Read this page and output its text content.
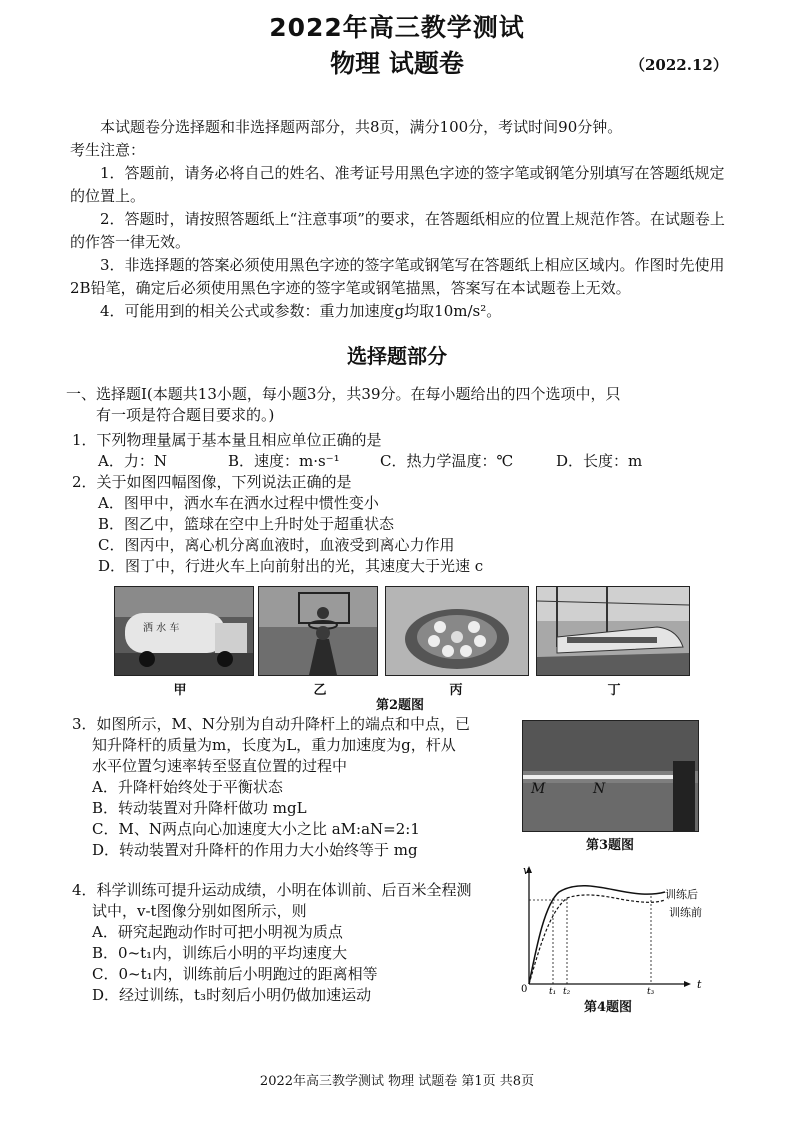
2022年高三教学测试
物理 试题卷	（2022.12）

本试题卷分选择题和非选择题两部分，共8页，满分100分，考试时间90分钟。

考生注意：

1．答题前，请务必将自己的姓名、准考证号用黑色字迹的签字笔或钢笔分别填写在答题纸规定的位置上。

2．答题时，请按照答题纸上“注意事项”的要求，在答题纸相应的位置上规范作答。在试题卷上的作答一律无效。

3．非选择题的答案必须使用黑色字迹的签字笔或钢笔写在答题纸上相应区域内。作图时先使用2B铅笔，确定后必须使用黑色字迹的签字笔或钢笔描黑，答案写在本试题卷上无效。

4．可能用到的相关公式或参数：重力加速度g均取10m/s²。

选择题部分
一、选择题Ⅰ(本题共13小题，每小题3分，共39分。在每小题给出的四个选项中，只
有一项是符合题目要求的。)
1．下列物理量属于基本量且相应单位正确的是
A．力：N	B．速度：m·s⁻¹	C．热力学温度：℃	D．长度：m
2．关于如图四幅图像，下列说法正确的是
A．图甲中，洒水车在洒水过程中惯性变小
B．图乙中，篮球在空中上升时处于超重状态
C．图丙中，离心机分离血液时，血液受到离心力作用
D．图丁中，行进火车上向前射出的光，其速度大于光速 c
洒 水 车
甲	乙	丙	丁
第2题图
3．如图所示，M、N分别为自动升降杆上的端点和中点，已
知升降杆的质量为m，长度为L，重力加速度为g，杆从
水平位置匀速率转至竖直位置的过程中
A．升降杆始终处于平衡状态
B．转动装置对升降杆做功 mgL
C．M、N两点向心加速度大小之比 aM:aN=2:1
D．转动装置对升降杆的作用力大小始终等于 mg
M	N
第3题图
4．科学训练可提升运动成绩，小明在体训前、后百米全程测
试中，v-t图像分别如图所示，则
A．研究起跑动作时可把小明视为质点
B．0~t₁内，训练后小明的平均速度大
C．0~t₁内，训练前后小明跑过的距离相等
D．经过训练，t₃时刻后小明仍做加速运动
v
t
0 t₁ t₂	t₃
训练后
训练前
第4题图
2022年高三教学测试 物理 试题卷 第1页 共8页
